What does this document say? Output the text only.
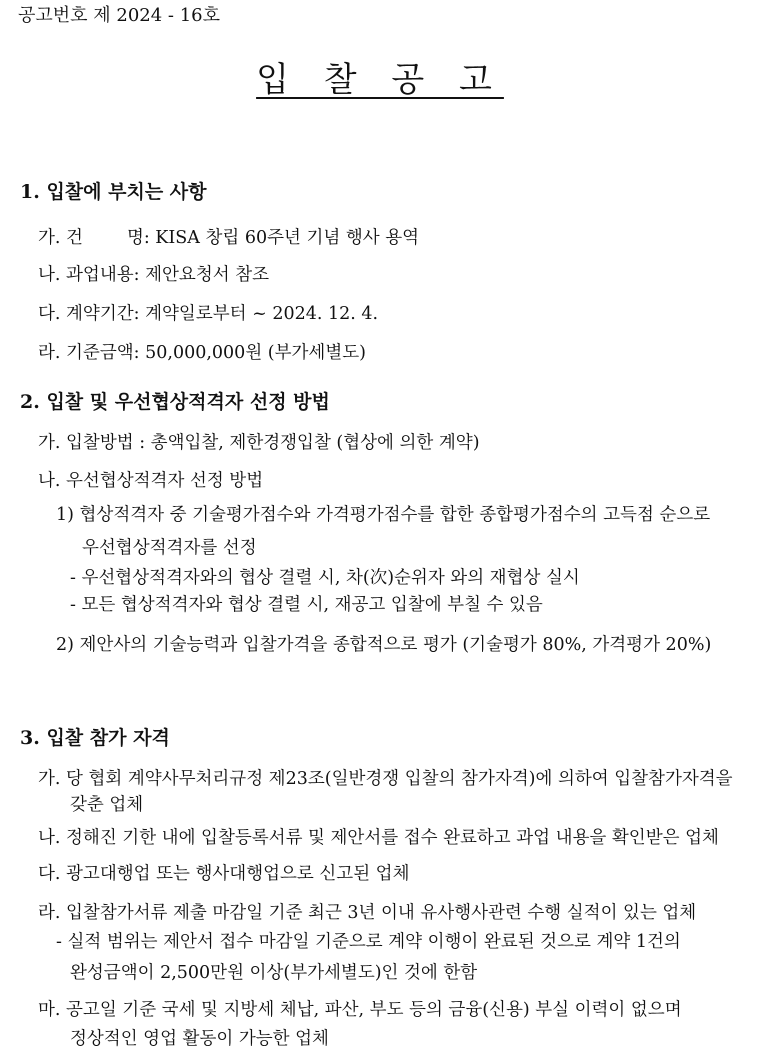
공고번호 제 2024 - 16호
입 찰 공 고
1. 입찰에 부치는 사항
가. 건	명: KISA 창립 60주년 기념 행사 용역
나. 과업내용: 제안요청서 참조
다. 계약기간: 계약일로부터 ~ 2024. 12. 4.
라. 기준금액: 50,000,000원 (부가세별도)
2. 입찰 및 우선협상적격자 선정 방법
가. 입찰방법 : 총액입찰, 제한경쟁입찰 (협상에 의한 계약)
나. 우선협상적격자 선정 방법
1) 협상적격자 중 기술평가점수와 가격평가점수를 합한 종합평가점수의 고득점 순으로
우선협상적격자를 선정
- 우선협상적격자와의 협상 결렬 시, 차(次)순위자 와의 재협상 실시
- 모든 협상적격자와 협상 결렬 시, 재공고 입찰에 부칠 수 있음
2) 제안사의 기술능력과 입찰가격을 종합적으로 평가 (기술평가 80%, 가격평가 20%)
3. 입찰 참가 자격
가. 당 협회 계약사무처리규정 제23조(일반경쟁 입찰의 참가자격)에 의하여 입찰참가자격을
갖춘 업체
나. 정해진 기한 내에 입찰등록서류 및 제안서를 접수 완료하고 과업 내용을 확인받은 업체
다. 광고대행업 또는 행사대행업으로 신고된 업체
라. 입찰참가서류 제출 마감일 기준 최근 3년 이내 유사행사관련 수행 실적이 있는 업체
- 실적 범위는 제안서 접수 마감일 기준으로 계약 이행이 완료된 것으로 계약 1건의
완성금액이 2,500만원 이상(부가세별도)인 것에 한함
마. 공고일 기준 국세 및 지방세 체납, 파산, 부도 등의 금융(신용) 부실 이력이 없으며
정상적인 영업 활동이 가능한 업체
